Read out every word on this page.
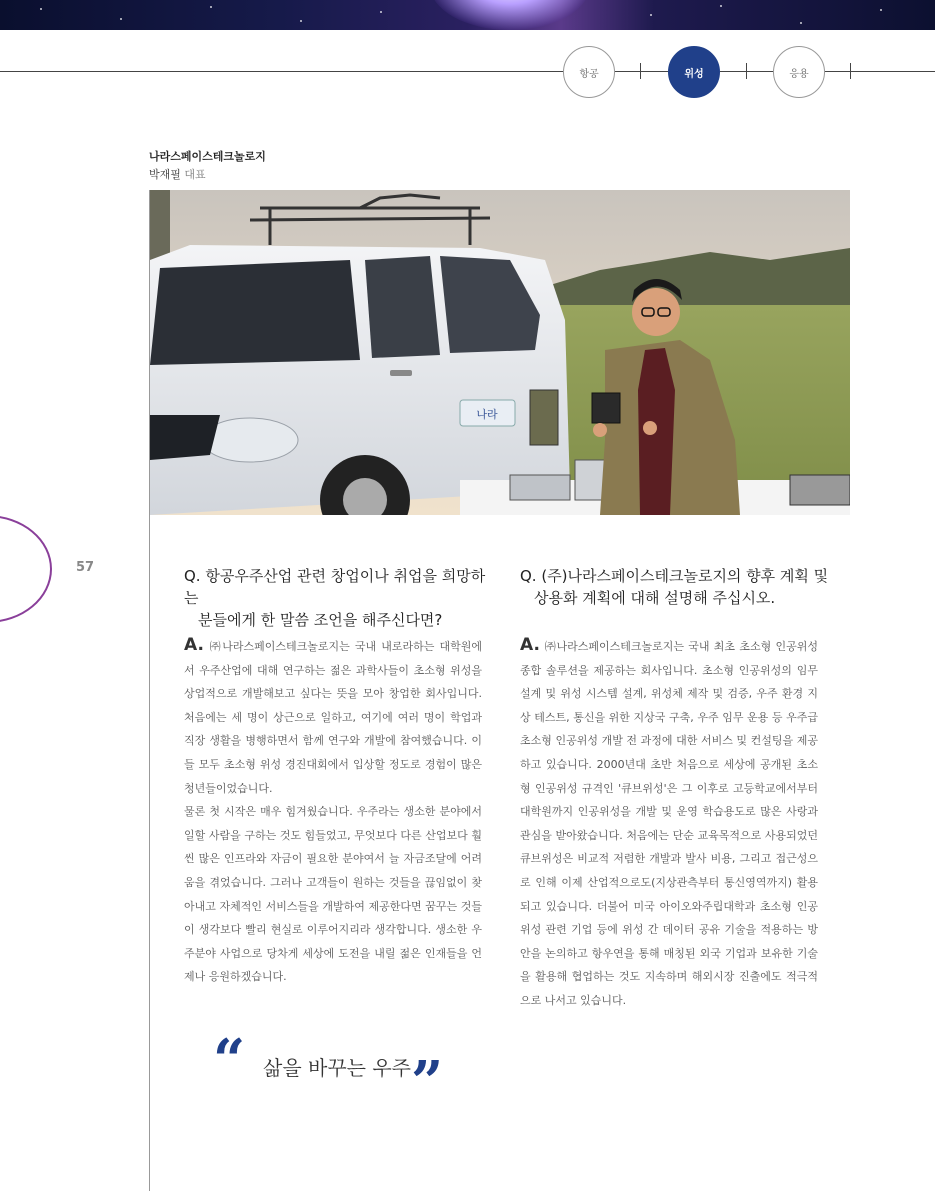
항공	위성	응용
나라스페이스테크놀로지
박재필 대표
나라
57	Q. 항공우주산업 관련 창업이나 취업을 희망하는
분들에게 한 말씀 조언을 해주신다면?
A. ㈜나라스페이스테크놀로지는 국내 내로라하는 대학원에서 우주산업에 대해 연구하는 젊은 과학사들이 초소형 위성을 상업적으로 개발해보고 싶다는 뜻을 모아 창업한 회사입니다. 처음에는 세 명이 상근으로 일하고, 여기에 여러 명이 학업과 직장 생활을 병행하면서 함께 연구와 개발에 참여했습니다. 이들 모두 초소형 위성 경진대회에서 입상할 정도로 경험이 많은 청년들이었습니다.
물론 첫 시작은 매우 힘겨웠습니다. 우주라는 생소한 분야에서 일할 사람을 구하는 것도 힘들었고, 무엇보다 다른 산업보다 훨씬 많은 인프라와 자금이 필요한 분야여서 늘 자금조달에 어려움을 겪었습니다. 그러나 고객들이 원하는 것들을 끊임없이 찾아내고 자체적인 서비스들을 개발하여 제공한다면 꿈꾸는 것들이 생각보다 빨리 현실로 이루어지리라 생각합니다. 생소한 우주분야 사업으로 당차게 세상에 도전을 내릴 젊은 인재들을 언제나 응원하겠습니다.
Q. (주)나라스페이스테크놀로지의 향후 계획 및
상용화 계획에 대해 설명해 주십시오.
A. ㈜나라스페이스테크놀로지는 국내 최초 초소형 인공위성 종합 솔루션을 제공하는 회사입니다. 초소형 인공위성의 임무 설계 및 위성 시스템 설계, 위성체 제작 및 검증, 우주 환경 지상 테스트, 통신을 위한 지상국 구축, 우주 임무 운용 등 우주급 초소형 인공위성 개발 전 과정에 대한 서비스 및 컨설팅을 제공하고 있습니다. 2000년대 초반 처음으로 세상에 공개된 초소형 인공위성 규격인 '큐브위성'은 그 이후로 고등학교에서부터 대학원까지 인공위성을 개발 및 운영 학습용도로 많은 사랑과 관심을 받아왔습니다. 처음에는 단순 교육목적으로 사용되었던 큐브위성은 비교적 저렴한 개발과 발사 비용, 그리고 접근성으로 인해 이제 산업적으로도(지상관측부터 통신영역까지) 활용되고 있습니다. 더불어 미국 아이오와주립대학과 초소형 인공위성 관련 기업 등에 위성 간 데이터 공유 기술을 적용하는 방안을 논의하고 항우연을 통해 매칭된 외국 기업과 보유한 기술을 활용해 협업하는 것도 지속하며 해외시장 진출에도 적극적으로 나서고 있습니다.
“ 삶을 바꾸는 우주 ”
